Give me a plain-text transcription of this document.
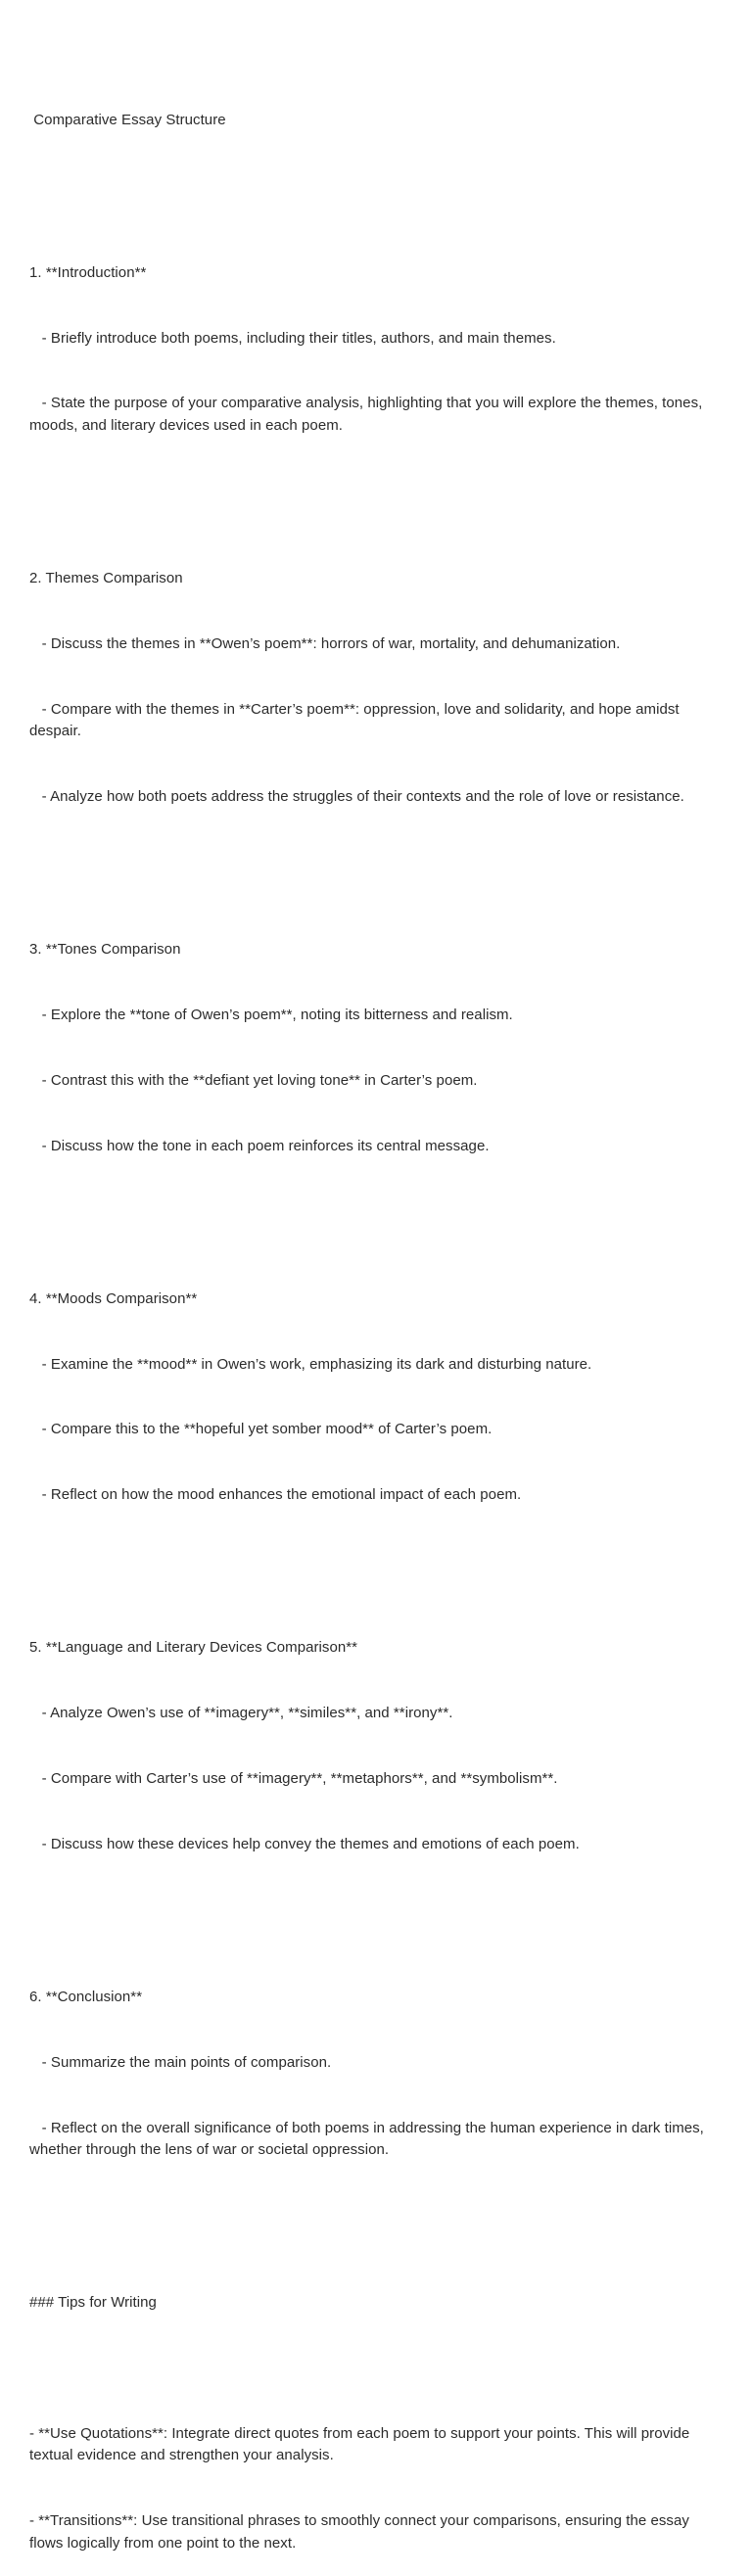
Comparative Essay Structure

1. **Introduction**

- Briefly introduce both poems, including their titles, authors, and main themes.

- State the purpose of your comparative analysis, highlighting that you will explore the themes, tones, moods, and literary devices used in each poem.

2. Themes Comparison

- Discuss the themes in **Owen’s poem**: horrors of war, mortality, and dehumanization.

- Compare with the themes in **Carter’s poem**: oppression, love and solidarity, and hope amidst despair.

- Analyze how both poets address the struggles of their contexts and the role of love or resistance.

3. **Tones Comparison

- Explore the **tone of Owen’s poem**, noting its bitterness and realism.

- Contrast this with the **defiant yet loving tone** in Carter’s poem.

- Discuss how the tone in each poem reinforces its central message.

4. **Moods Comparison**

- Examine the **mood** in Owen’s work, emphasizing its dark and disturbing nature.

- Compare this to the **hopeful yet somber mood** of Carter’s poem.

- Reflect on how the mood enhances the emotional impact of each poem.

5. **Language and Literary Devices Comparison**

- Analyze Owen’s use of **imagery**, **similes**, and **irony**.

- Compare with Carter’s use of **imagery**, **metaphors**, and **symbolism**.

- Discuss how these devices help convey the themes and emotions of each poem.

6. **Conclusion**

- Summarize the main points of comparison.

- Reflect on the overall significance of both poems in addressing the human experience in dark times, whether through the lens of war or societal oppression.

### Tips for Writing

- **Use Quotations**: Integrate direct quotes from each poem to support your points. This will provide textual evidence and strengthen your analysis.

- **Transitions**: Use transitional phrases to smoothly connect your comparisons, ensuring the essay flows logically from one point to the next.
